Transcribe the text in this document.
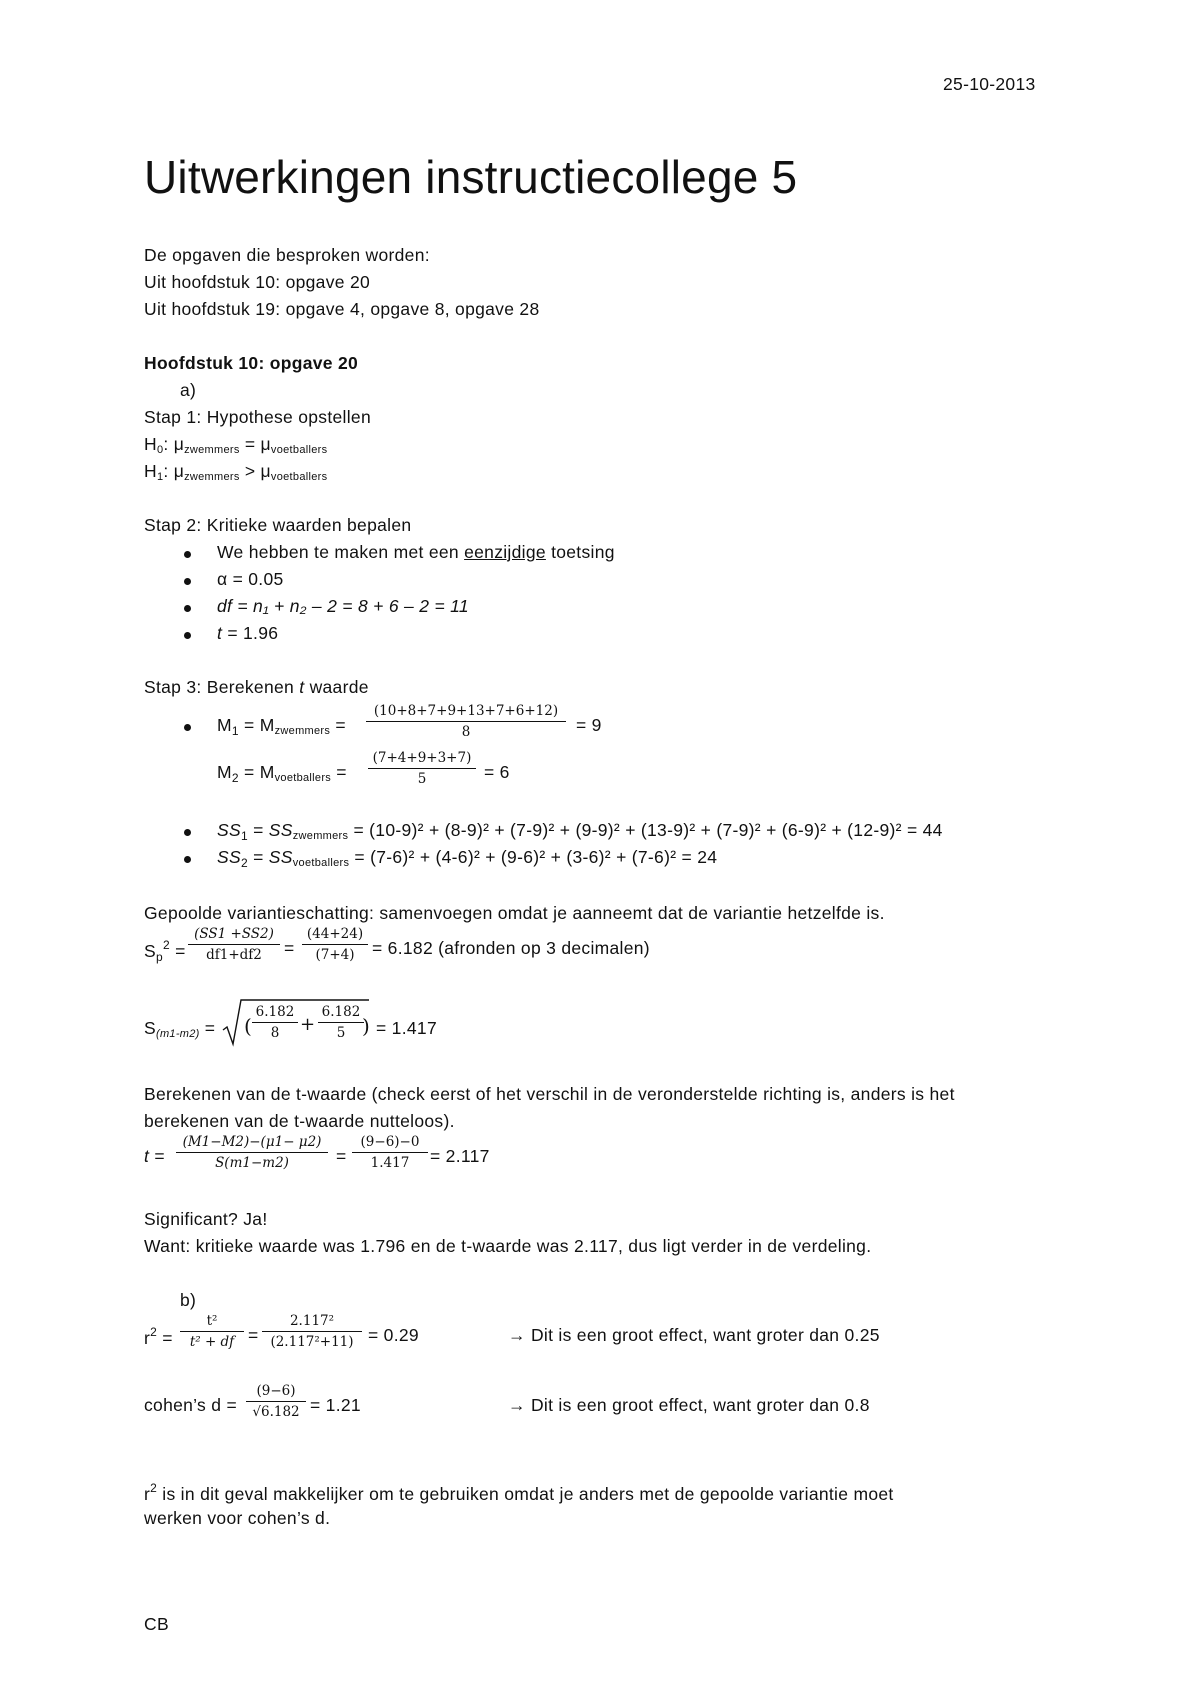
25-10-2013
Uitwerkingen instructiecollege 5
De opgaven die besproken worden:
Uit hoofdstuk 10: opgave 20
Uit hoofdstuk 19: opgave 4, opgave 8, opgave 28
Hoofdstuk 10: opgave 20
a)
Stap 1: Hypothese opstellen
H0: μzwemmers = μvoetballers
H1: μzwemmers > μvoetballers
Stap 2: Kritieke waarden bepalen
We hebben te maken met een eenzijdige toetsing
α = 0.05
df = n₁ + n₂ – 2 = 8 + 6 – 2 = 11
t = 1.96
Stap 3: Berekenen t waarde
$M_1$ = Mzwemmers = $\frac{(10+8+7+9+13+7+6+12)}{8} = 9$
$M_2$ = Mvoetballers = $\frac{(7+4+9+3+7)}{5} = 6$
$SS_1$ = SSzwemmers = (10-9)² + (8-9)² + (7-9)² + (9-9)² + (13-9)² + (7-9)² + (6-9)² + (12-9)² = 44
$SS_2$ = SSvoetballers = (7-6)² + (4-6)² + (9-6)² + (3-6)² + (7-6)² = 24
Gepoolde variantieschatting: samenvoegen omdat je aanneemt dat de variantie hetzelfde is.
$S_p^2 = \frac{(SS1 +SS2)}{df1+df2} = \frac{(44+24)}{(7+4)} = 6.182$ (afronden op 3 decimalen)
S(m1-m2) = ( $\frac{6.182}{8} + \frac{6.182}{5}$
) = 1.417
Berekenen van de t-waarde (check eerst of het verschil in de veronderstelde richting is, anders is het
berekenen van de t-waarde nutteloos).
$t = \frac{(M1-M2)-(\mu 1- \mu 2)}{S(m1-m2)} = \frac{(9-6)-0}{1.417} = 2.117$
Significant? Ja!
Want: kritieke waarde was 1.796 en de t-waarde was 2.117, dus ligt verder in de verdeling.
b)
$r^2 = \frac{\text{t²}}{\text{t² + df}} = \frac{\text{2.117²}}{\text{(2.117²+11)}} = 0.29$	→ Dit is een groot effect, want groter dan 0.25
cohen’s $d = \frac{(9-6)}{√6.182} = 1.21$	→ Dit is een groot effect, want groter dan 0.8
$r^2$ is in dit geval makkelijker om te gebruiken omdat je anders met de gepoolde variantie moet
werken voor cohen’s d.
CB
